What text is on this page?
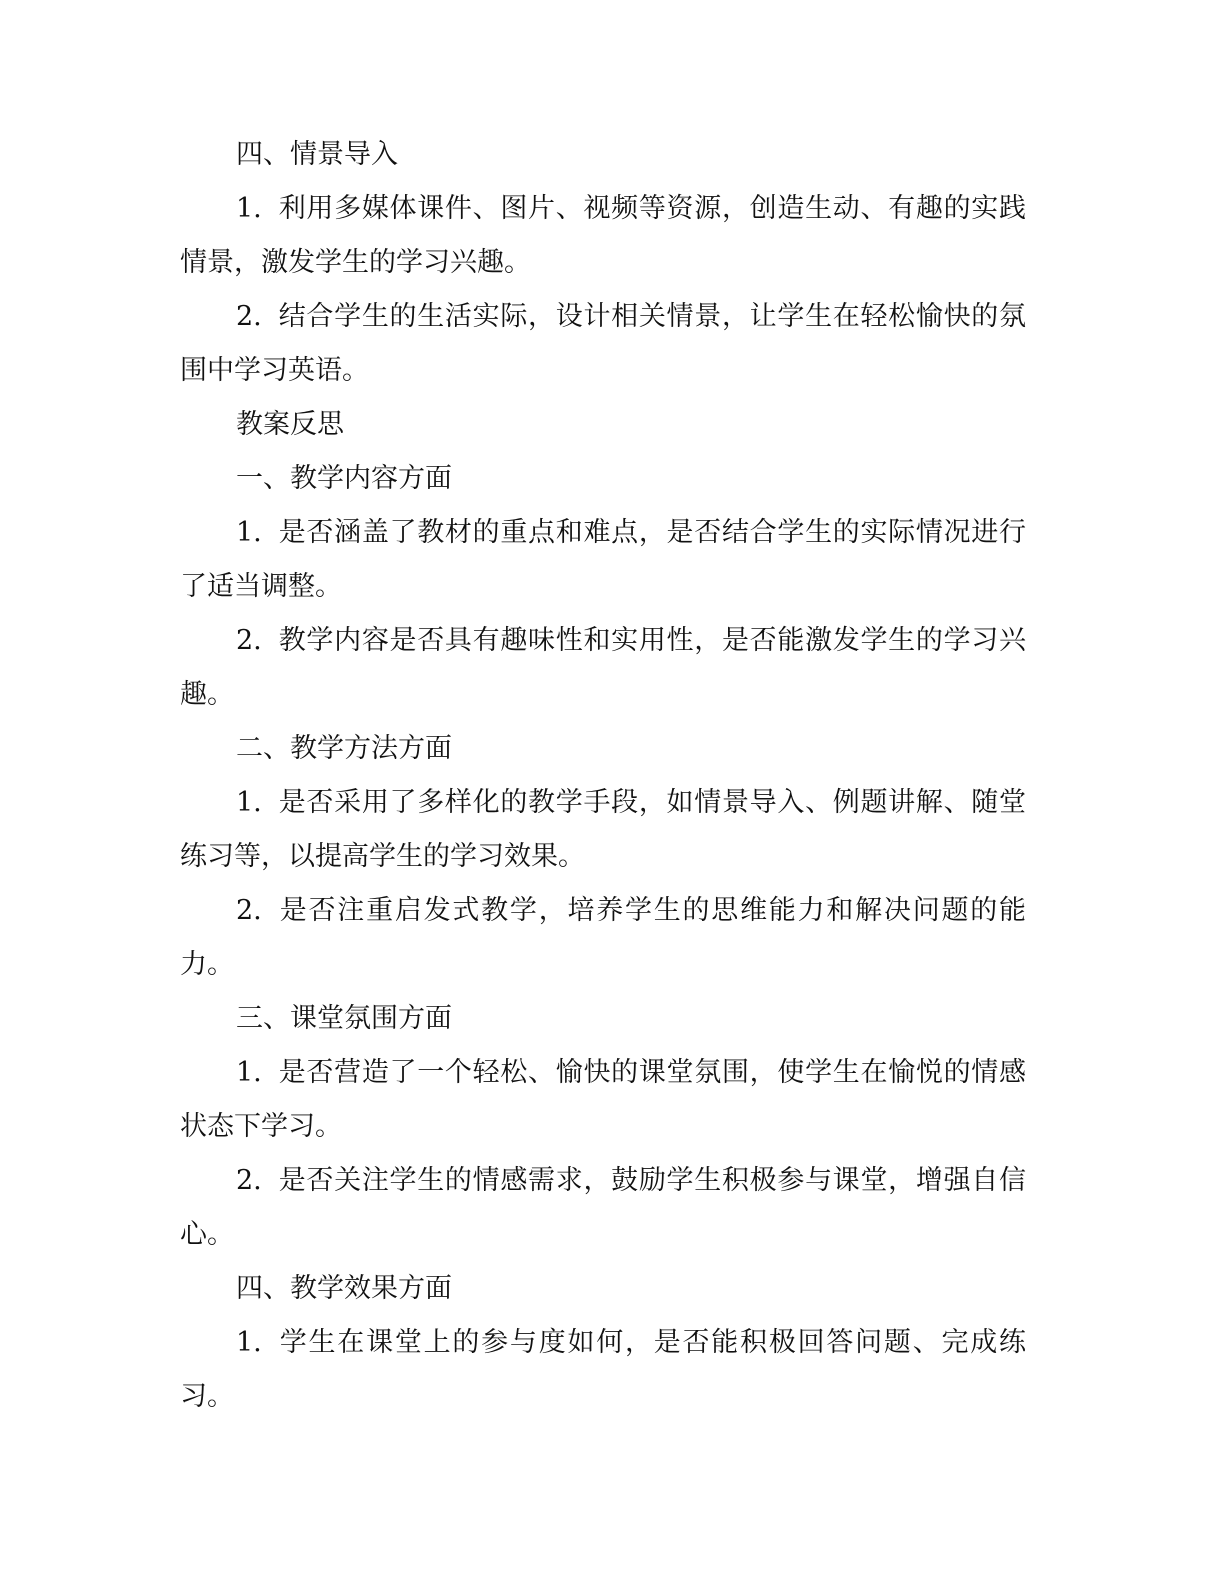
四、情景导入

1. 利用多媒体课件、图片、视频等资源，创造生动、有趣的实践情景，激发学生的学习兴趣。

2. 结合学生的生活实际，设计相关情景，让学生在轻松愉快的氛围中学习英语。

教案反思

一、教学内容方面

1. 是否涵盖了教材的重点和难点，是否结合学生的实际情况进行了适当调整。

2. 教学内容是否具有趣味性和实用性，是否能激发学生的学习兴趣。

二、教学方法方面

1. 是否采用了多样化的教学手段，如情景导入、例题讲解、随堂练习等，以提高学生的学习效果。

2. 是否注重启发式教学，培养学生的思维能力和解决问题的能力。

三、课堂氛围方面

1. 是否营造了一个轻松、愉快的课堂氛围，使学生在愉悦的情感状态下学习。

2. 是否关注学生的情感需求，鼓励学生积极参与课堂，增强自信心。

四、教学效果方面

1. 学生在课堂上的参与度如何，是否能积极回答问题、完成练习。
